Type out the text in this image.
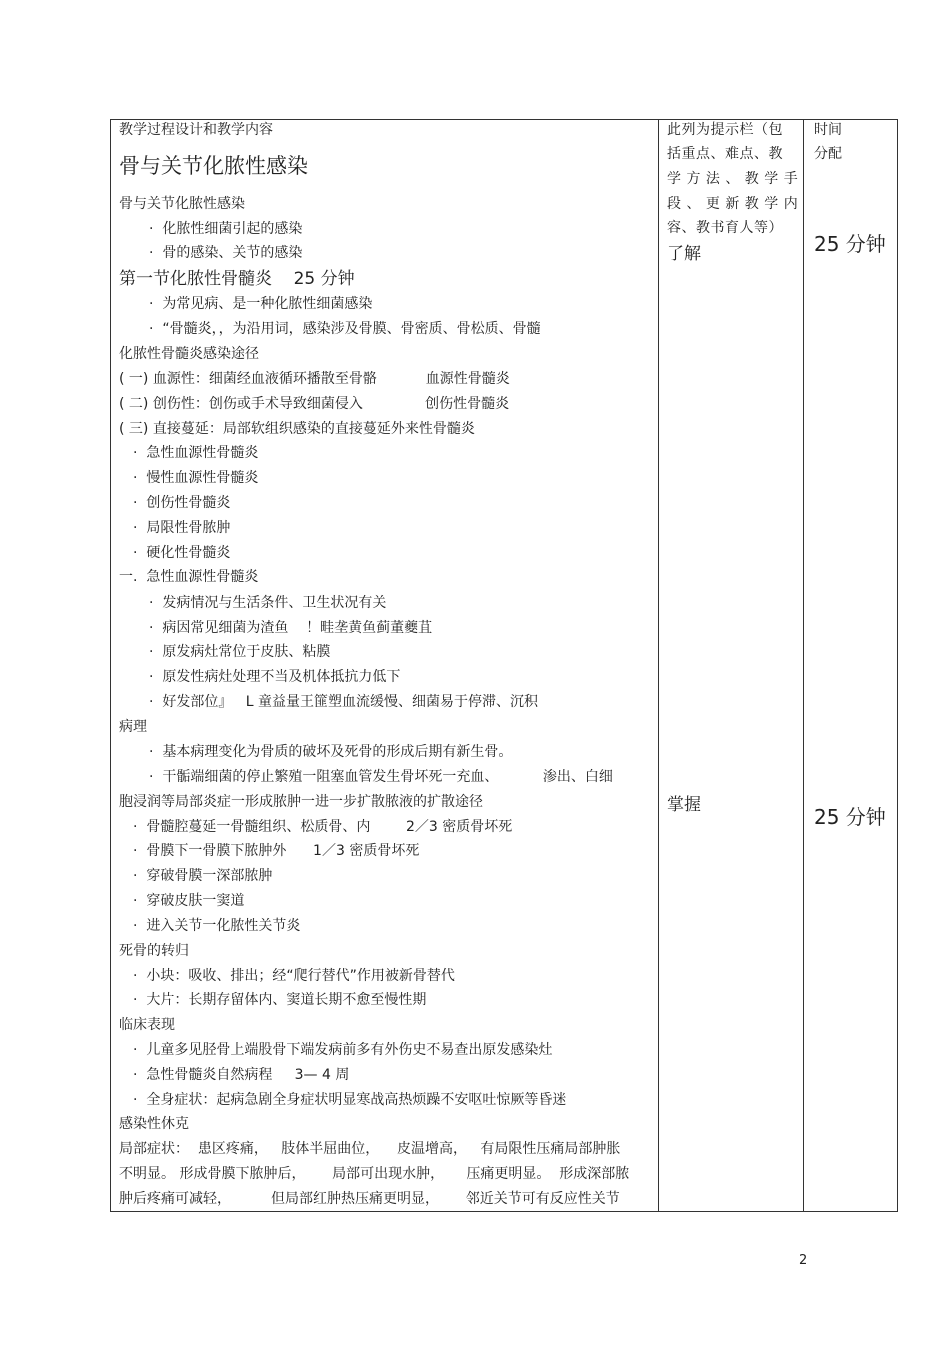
教学过程设计和教学内容
骨与关节化脓性感染
骨与关节化脓性感染
·  化脓性细菌引起的感染
·  骨的感染、关节的感染
第一节化脓性骨髓炎    25 分钟
·  为常见病、是一种化脓性细菌感染
·  “骨髓炎，，为沿用词，感染涉及骨膜、骨密质、骨松质、骨髓
化脓性骨髓炎感染途径
( 一) 血源性：细菌经血液循环播散至骨骼           血源性骨髓炎
( 二) 创伤性：创伤或手术导致细菌侵入              创伤性骨髓炎
( 三) 直接蔓延：局部软组织感染的直接蔓延外来性骨髓炎
·  急性血源性骨髓炎
·  慢性血源性骨髓炎
·  创伤性骨髓炎
·  局限性骨脓肿
·  硬化性骨髓炎
一.  急性血源性骨髓炎
·  发病情况与生活条件、卫生状况有关
·  病因常见细菌为渣鱼    ！畦垄黄鱼蓟董夔苴
·  原发病灶常位于皮肤、粘膜
·  原发性病灶处理不当及机体抵抗力低下
·  好发部位』   L 童益量王篚塑血流缓慢、细菌易于停滞、沉积
病理
·  基本病理变化为骨质的破坏及死骨的形成后期有新生骨。
·  干骺端细菌的停止繁殖一阻塞血管发生骨坏死一充血、          渗出、白细
胞浸润等局部炎症一形成脓肿一进一步扩散脓液的扩散途径
·  骨髓腔蔓延一骨髓组织、松质骨、内        2／3 密质骨坏死
·  骨膜下一骨膜下脓肿外      1／3 密质骨坏死
·  穿破骨膜一深部脓肿
·  穿破皮肤一窦道
·  进入关节一化脓性关节炎
死骨的转归
·  小块：吸收、排出；经“爬行替代”作用被新骨替代
·  大片：长期存留体内、窦道长期不愈至慢性期
临床表现
·  儿童多见胫骨上端股骨下端发病前多有外伤史不易查出原发感染灶
·  急性骨髓炎自然病程     3— 4 周
·  全身症状：起病急剧全身症状明显寒战高热烦躁不安呕吐惊厥等昏迷
感染性休克
局部症状：  患区疼痛，   肢体半屈曲位，    皮温增高，   有局限性压痛局部肿胀
不明显。 形成骨膜下脓肿后，      局部可出现水肿，     压痛更明显。  形成深部脓
肿后疼痛可减轻，         但局部红肿热压痛更明显，      邻近关节可有反应性关节
此列为提示栏（包
括重点、难点、教
学 方 法 、 教 学 手
段 、 更 新 教 学 内
容、教书育人等）
了解
掌握
时间
分配
25 分钟
25 分钟
2
